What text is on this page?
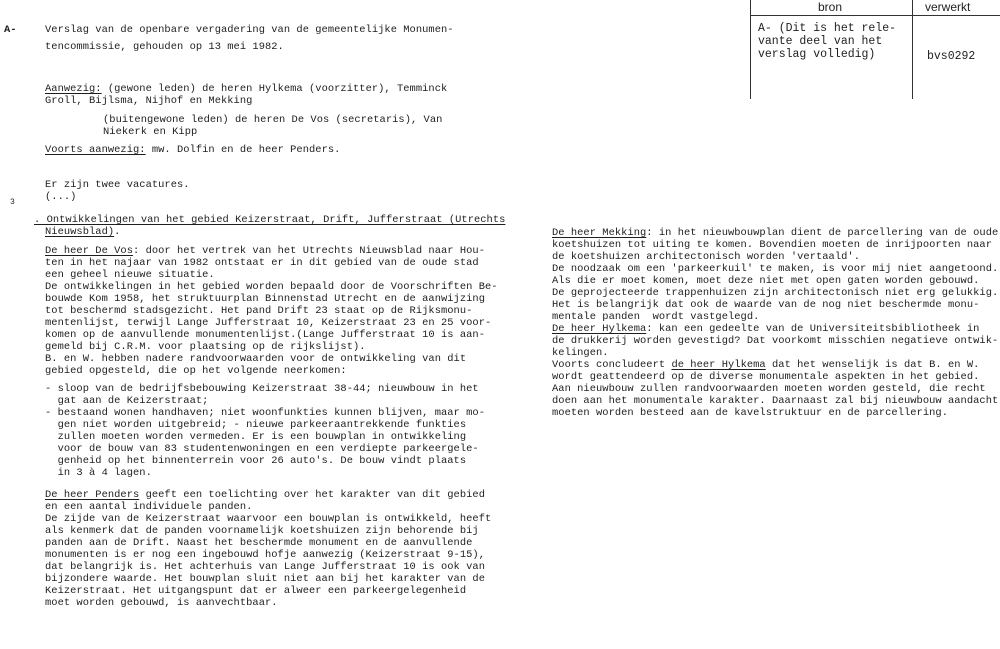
bron	verwerkt
A- (Dit is het rele-
vante deel van het
verslag volledig)	bvs0292
A-
3
Verslag van de openbare vergadering van de gemeentelijke Monumen-
tencommissie, gehouden op 13 mei 1982.
Aanwezig: (gewone leden) de heren Hylkema (voorzitter), Temminck
Groll, Bijlsma, Nijhof en Mekking
(buitengewone leden) de heren De Vos (secretaris), Van
Niekerk en Kipp
Voorts aanwezig: mw. Dolfin en de heer Penders.
Er zijn twee vacatures.
(...)
. Ontwikkelingen van het gebied Keizerstraat, Drift, Jufferstraat (Utrechts
Nieuwsblad).
De heer De Vos: door het vertrek van het Utrechts Nieuwsblad naar Hou-
ten in het najaar van 1982 ontstaat er in dit gebied van de oude stad
een geheel nieuwe situatie.
De ontwikkelingen in het gebied worden bepaald door de Voorschriften Be-
bouwde Kom 1958, het struktuurplan Binnenstad Utrecht en de aanwijzing
tot beschermd stadsgezicht. Het pand Drift 23 staat op de Rijksmonu-
mentenlijst, terwijl Lange Jufferstraat 10, Keizerstraat 23 en 25 voor-
komen op de aanvullende monumentenlijst.(Lange Jufferstraat 10 is aan-
gemeld bij C.R.M. voor plaatsing op de rijkslijst).
B. en W. hebben nadere randvoorwaarden voor de ontwikkeling van dit
gebied opgesteld, die op het volgende neerkomen:
- sloop van de bedrijfsbebouwing Keizerstraat 38-44; nieuwbouw in het
gat aan de Keizerstraat;
- bestaand wonen handhaven; niet woonfunkties kunnen blijven, maar mo-
gen niet worden uitgebreid; - nieuwe parkeeraantrekkende funkties
zullen moeten worden vermeden. Er is een bouwplan in ontwikkeling
voor de bouw van 83 studentenwoningen en een verdiepte parkeergele-
genheid op het binnenterrein voor 26 auto's. De bouw vindt plaats
in 3 à 4 lagen.
De heer Penders geeft een toelichting over het karakter van dit gebied
en een aantal individuele panden.
De zijde van de Keizerstraat waarvoor een bouwplan is ontwikkeld, heeft
als kenmerk dat de panden voornamelijk koetshuizen zijn behorende bij
panden aan de Drift. Naast het beschermde monument en de aanvullende
monumenten is er nog een ingebouwd hofje aanwezig (Keizerstraat 9-15),
dat belangrijk is. Het achterhuis van Lange Jufferstraat 10 is ook van
bijzondere waarde. Het bouwplan sluit niet aan bij het karakter van de
Keizerstraat. Het uitgangspunt dat er alweer een parkeergelegenheid
moet worden gebouwd, is aanvechtbaar.
De heer Mekking: in het nieuwbouwplan dient de parcellering van de oude
koetshuizen tot uiting te komen. Bovendien moeten de inrijpoorten naar
de koetshuizen architectonisch worden 'vertaald'.
De noodzaak om een 'parkeerkuil' te maken, is voor mij niet aangetoond.
Als die er moet komen, moet deze niet met open gaten worden gebouwd.
De geprojecteerde trappenhuizen zijn architectonisch niet erg gelukkig.
Het is belangrijk dat ook de waarde van de nog niet beschermde monu-
mentale panden  wordt vastgelegd.
De heer Hylkema: kan een gedeelte van de Universiteitsbibliotheek in
de drukkerij worden gevestigd? Dat voorkomt misschien negatieve ontwik-
kelingen.
Voorts concludeert de heer Hylkema dat het wenselijk is dat B. en W.
wordt geattendeerd op de diverse monumentale aspekten in het gebied.
Aan nieuwbouw zullen randvoorwaarden moeten worden gesteld, die recht
doen aan het monumentale karakter. Daarnaast zal bij nieuwbouw aandacht
moeten worden besteed aan de kavelstruktuur en de parcellering.
